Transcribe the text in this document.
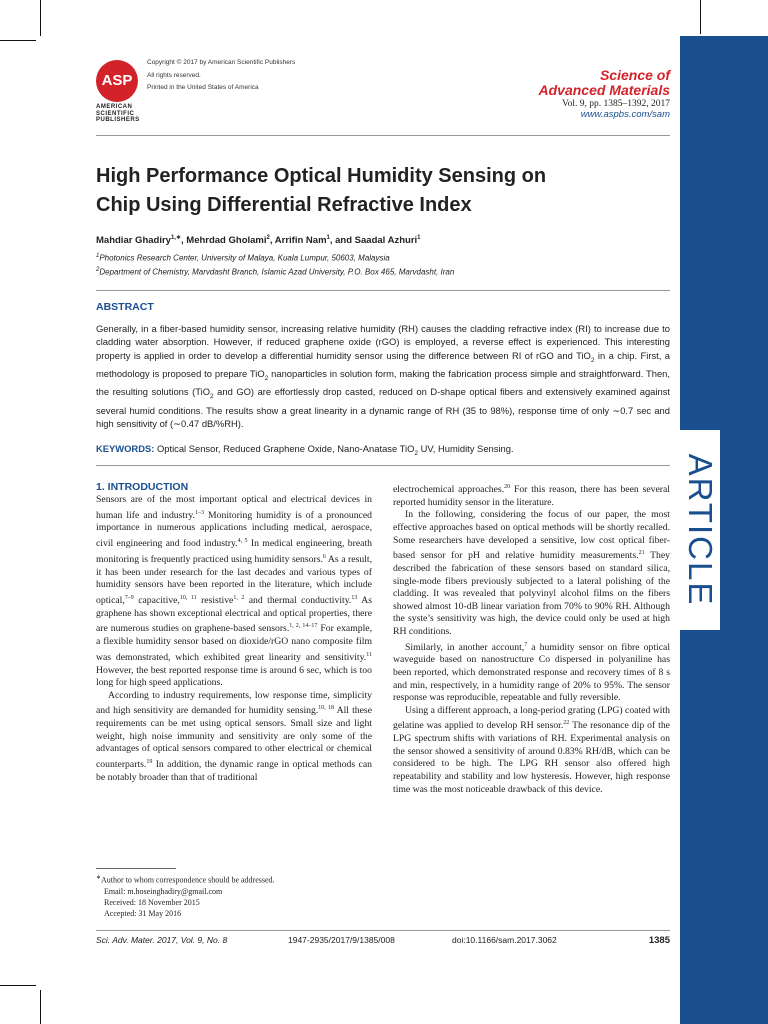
ARTICLE
ASP
AMERICAN
SCIENTIFIC
PUBLISHERS
Copyright © 2017 by American Scientific Publishers
All rights reserved.
Printed in the United States of America
Science of
Advanced Materials
Vol. 9, pp. 1385–1392, 2017
www.aspbs.com/sam
High Performance Optical Humidity Sensing on
Chip Using Differential Refractive Index
Mahdiar Ghadiry$^{1,∗}$, Mehrdad Gholami$^2$, Arrifin Nam$^1$, and Saadal Azhuri$^1$
$^1$Photonics Research Center, University of Malaya, Kuala Lumpur, 50603, Malaysia
$^2$Department of Chemistry, Marvdasht Branch, Islamic Azad University, P.O. Box 465, Marvdasht, Iran
ABSTRACT
Generally, in a fiber-based humidity sensor, increasing relative humidity (RH) causes the cladding refractive index (RI) to increase due to cladding water absorption. However, if reduced graphene oxide (rGO) is employed, a reverse effect is experienced. This interesting property is applied in order to develop a differential humidity sensor using the difference between RI of rGO and TiO$_2$ in a chip. First, a methodology is proposed to prepare TiO$_2$ nanoparticles in solution form, making the fabrication process simple and straightforward. Then, the resulting solutions (TiO$_2$ and GO) are effortlessly drop casted, reduced on D-shape optical fibers and extensively examined against several humid conditions. The results show a great linearity in a dynamic range of RH (35 to 98%), response time of only ∼0.7 sec and high sensitivity of (∼0.47 dB/%RH).
KEYWORDS: Optical Sensor, Reduced Graphene Oxide, Nano-Anatase TiO$_2$ UV, Humidity Sensing.
1. INTRODUCTION

Sensors are of the most important optical and electrical devices in human life and industry.$^{1-3}$ Monitoring humidity is of a pronounced importance in numerous applications including medical, aerospace, civil engineering and food industry.$^{4, 5}$ In medical engineering, breath monitoring is frequently practiced using humidity sensors.$^6$ As a result, it has been under research for the last decades and various types of humidity sensors have been reported in the literature, which include optical,$^{7-9}$ capacitive,$^{10, 11}$ resistive$^{1, 2}$ and thermal conductivity.$^{13}$ As graphene has shown exceptional electrical and optical properties, there are numerous studies on graphene-based sensors.$^{1, 2, 14-17}$ For example, a flexible humidity sensor based on dioxide/rGO nano composite film was demonstrated, which exhibited great linearity and sensitivity.$^{11}$ However, the best reported response time is around 6 sec, which is too long for high speed applications.

According to industry requirements, low response time, simplicity and high sensitivity are demanded for humidity sensing.$^{10, 18}$ All these requirements can be met using optical sensors. Small size and light weight, high noise immunity and sensitivity are only some of the advantages of optical sensors compared to other electrical or chemical counterparts.$^{19}$ In addition, the dynamic range in optical methods can be notably broader than that of traditional

electrochemical approaches.$^{20}$ For this reason, there has been several reported humidity sensor in the literature.

In the following, considering the focus of our paper, the most effective approaches based on optical methods will be shortly recalled. Some researchers have developed a sensitive, low cost optical fiber-based sensor for pH and relative humidity measurements.$^{21}$ They described the fabrication of these sensors based on standard silica, single-mode fibers previously subjected to a lateral polishing of the cladding. It was revealed that polyvinyl alcohol films on the fibers showed almost 10-dB linear variation from 70% to 90% RH. Although the syste’s sensitivity was high, the device could only be used at high RH conditions.

Similarly, in another account,$^7$ a humidity sensor on fibre optical waveguide based on nanostructure Co dispersed in polyaniline has been reported, which demonstrated response and recovery times of 8 s and min, respectively, in a humidity range of 20% to 95%. The sensor response was reproducible, repeatable and fully reversible.

Using a different approach, a long-period grating (LPG) coated with gelatine was applied to develop RH sensor.$^{22}$ The resonance dip of the LPG spectrum shifts with variations of RH. Experimental analysis on the sensor showed a sensitivity of around 0.83% RH/dB, which can be considered to be high. The LPG RH sensor also offered high repeatability and stability and low hysteresis. However, high response time was the most noticeable drawback of this device.

∗Author to whom correspondence should be addressed.
Email: m.hoseinghadiry@gmail.com
Received: 18 November 2015
Accepted: 31 May 2016
Sci. Adv. Mater. 2017, Vol. 9, No. 8	1947-2935/2017/9/1385/008	doi:10.1166/sam.2017.3062	1385
